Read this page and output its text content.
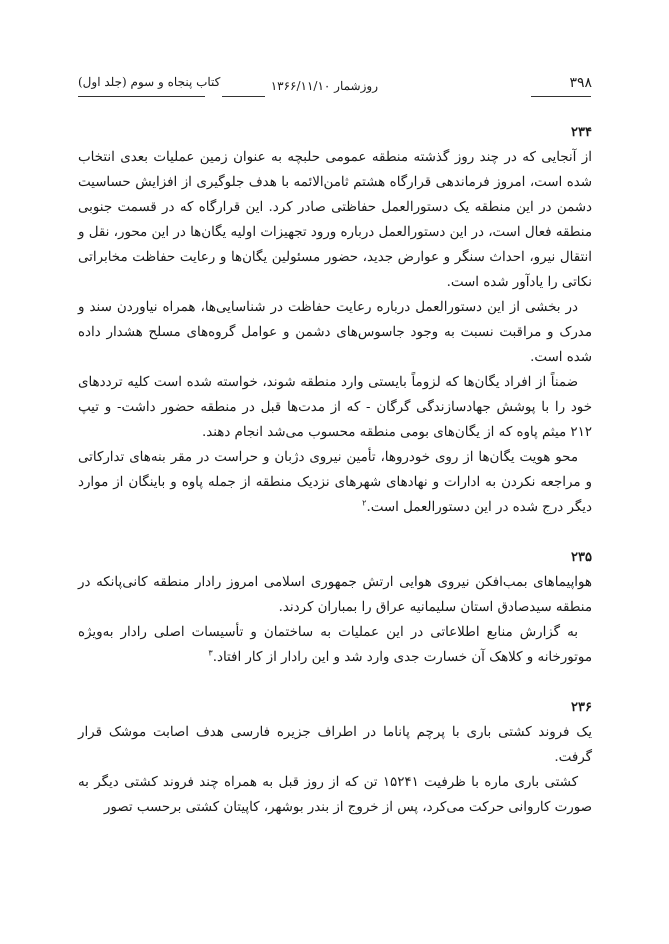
۳۹۸
روزشمار ۱۳۶۶/۱۱/۱۰
کتاب پنجاه و سوم (جلد اول)

۲۳۴

از آنجایی که در چند روز گذشته منطقه عمومی حلبچه به عنوان زمین عملیات بعدی انتخاب شده است، امروز فرماندهی قرارگاه هشتم ثامن‌الائمه با هدف جلوگیری از افزایش حساسیت دشمن در این منطقه یک دستورالعمل حفاظتی صادر کرد. این قرارگاه که در قسمت جنوبی منطقه فعال است، در این دستورالعمل درباره ورود تجهیزات اولیه یگان‌ها در این محور، نقل و انتقال نیرو، احداث سنگر و عوارض جدید، حضور مسئولین یگان‌ها و رعایت حفاظت مخابراتی نکاتی را یادآور شده است.

در بخشی از این دستورالعمل درباره رعایت حفاظت در شناسایی‌ها، همراه نیاوردن سند و مدرک و مراقبت نسبت به وجود جاسوس‌های دشمن و عوامل گروه‌های مسلح هشدار داده شده است.

ضمناً از افراد یگان‌ها که لزوماً بایستی وارد منطقه شوند، خواسته شده است کلیه ترددهای خود را با پوشش جهادسازندگی گرگان - که از مدت‌ها قبل در منطقه حضور داشت- و تیپ ۲۱۲ میثم پاوه که از یگان‌های بومی منطقه محسوب می‌شد انجام دهند.

محو هویت یگان‌ها از روی خودروها، تأمین نیروی دژبان و حراست در مقر بنه‌های تدارکاتی و مراجعه نکردن به ادارات و نهادهای شهرهای نزدیک منطقه از جمله پاوه و باینگان از موارد دیگر درج شده در این دستورالعمل است.$^۲$

۲۳۵

هواپیماهای بمب‌افکن نیروی هوایی ارتش جمهوری اسلامی امروز رادار منطقه کانی‌پانکه در منطقه سیدصادق استان سلیمانیه عراق را بمباران کردند.

به گزارش منابع اطلاعاتی در این عملیات به ساختمان و تأسیسات اصلی رادار به‌ویژه موتورخانه و کلاهک آن خسارت جدی وارد شد و این رادار از کار افتاد.$^۳$

۲۳۶

یک فروند کشتی باری با پرچم پاناما در اطراف جزیره فارسی هدف اصابت موشک قرار گرفت.

کشتی باری ماره با ظرفیت ۱۵۲۴۱ تن که از روز قبل به همراه چند فروند کشتی دیگر به صورت کاروانی حرکت می‌کرد، پس از خروج از بندر بوشهر، کاپیتان کشتی برحسب تصور
